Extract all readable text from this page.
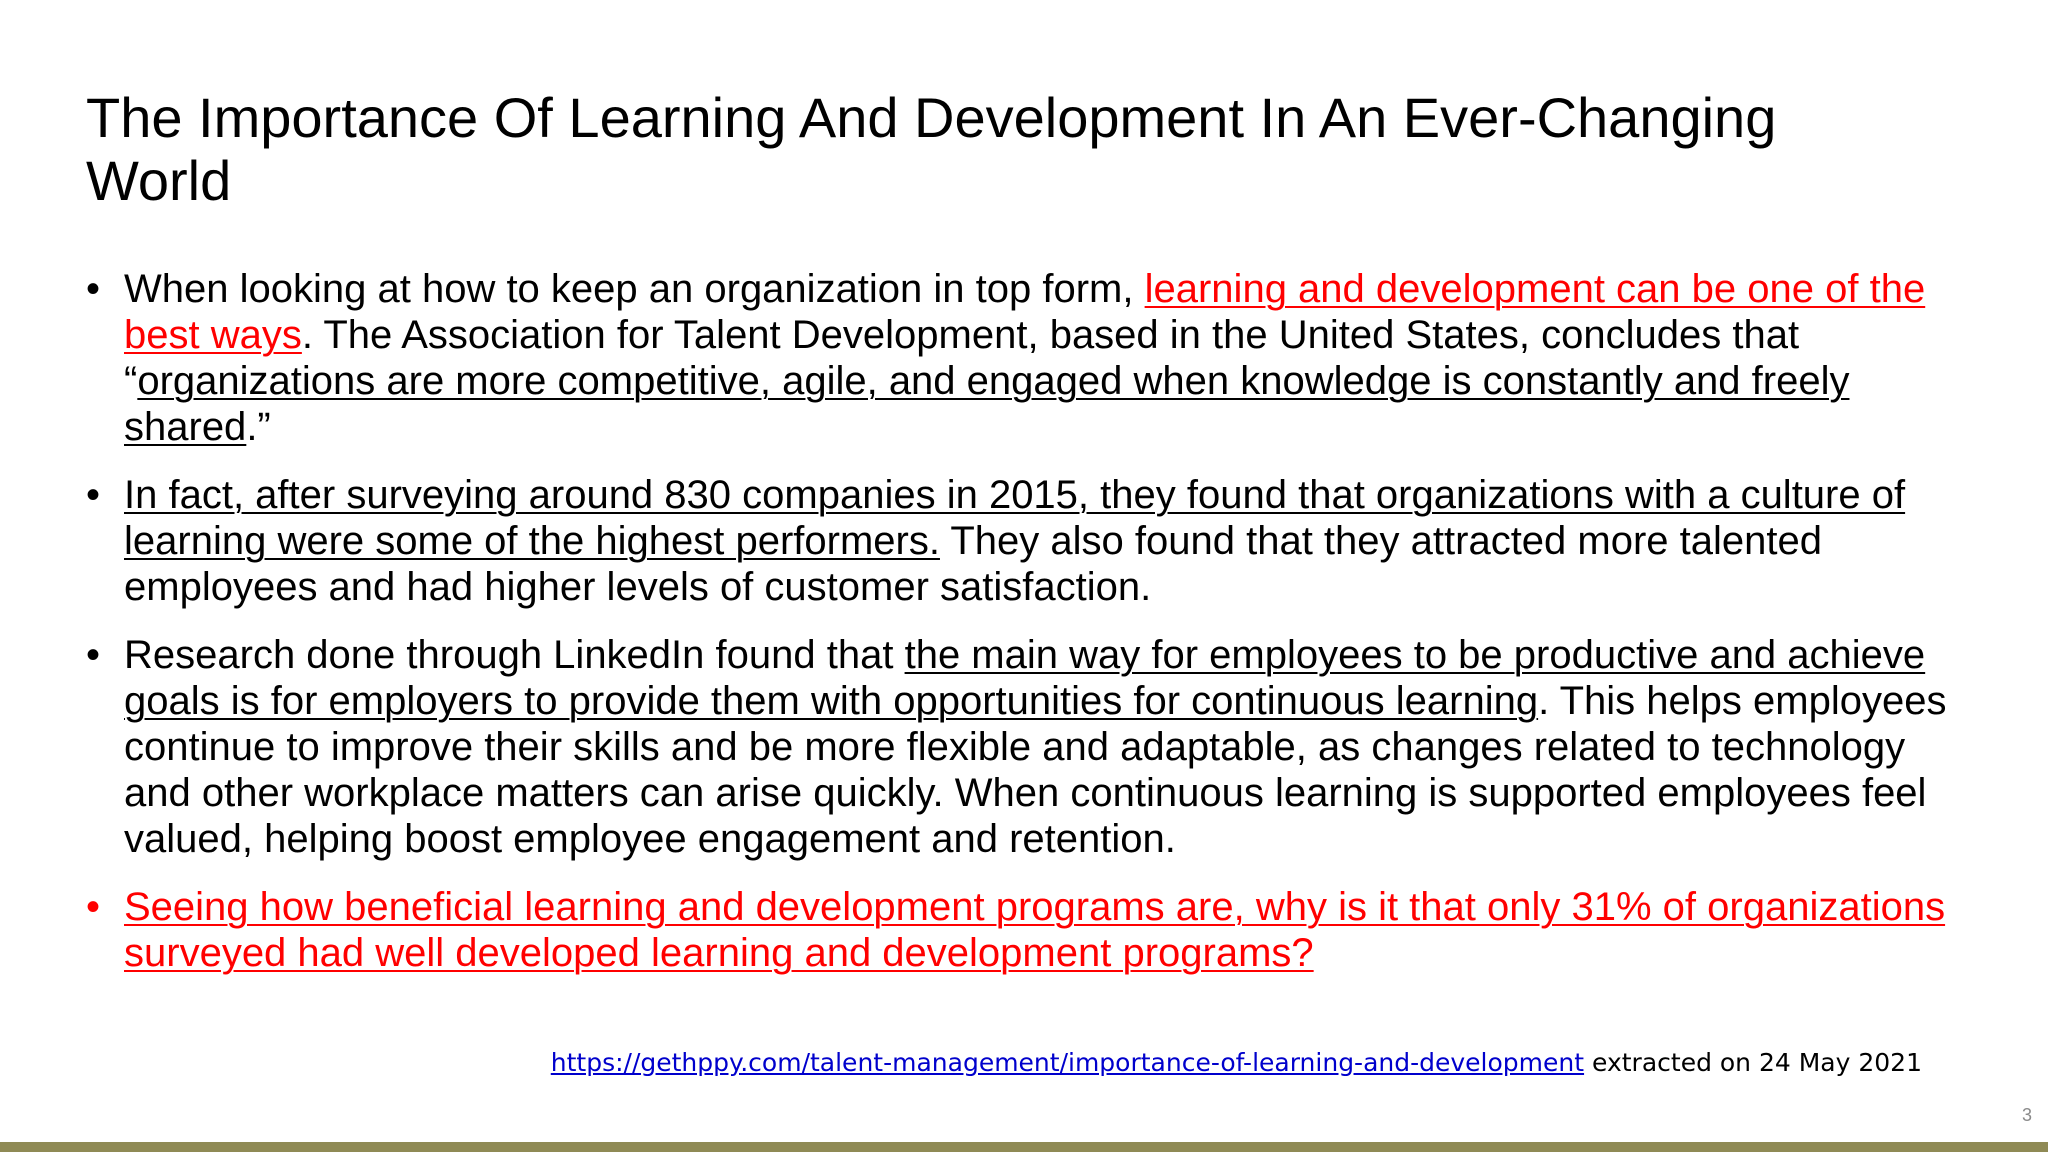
The Importance Of Learning And Development In An Ever-Changing World
• When looking at how to keep an organization in top form, learning and development can be one of the best ways. The Association for Talent Development, based in the United States, concludes that “organizations are more competitive, agile, and engaged when knowledge is constantly and freely shared.”
• In fact, after surveying around 830 companies in 2015, they found that organizations with a culture of learning were some of the highest performers. They also found that they attracted more talented employees and had higher levels of customer satisfaction.
• Research done through LinkedIn found that the main way for employees to be productive and achieve goals is for employers to provide them with opportunities for continuous learning. This helps employees continue to improve their skills and be more flexible and adaptable, as changes related to technology and other workplace matters can arise quickly. When continuous learning is supported employees feel valued, helping boost employee engagement and retention.
• Seeing how beneficial learning and development programs are, why is it that only 31% of organizations surveyed had well developed learning and development programs?
https://gethppy.com/talent-management/importance-of-learning-and-development extracted on 24 May 2021
3
